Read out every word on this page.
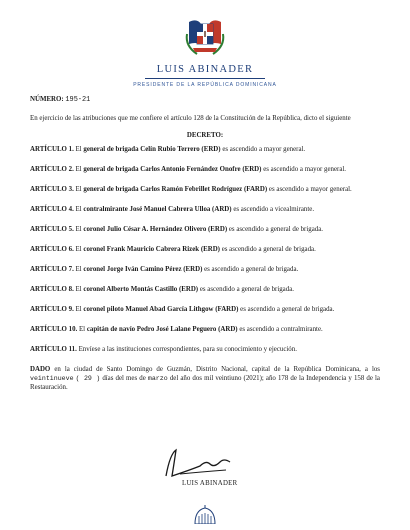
LUIS ABINADER
PRESIDENTE DE LA REPÚBLICA DOMINICANA
NÚMERO: 195-21
En ejercicio de las atribuciones que me confiere el artículo 128 de la Constitución de la República, dicto el siguiente
DECRETO:
ARTÍCULO 1. El general de brigada Celín Rubio Terrero (ERD) es ascendido a mayor general.
ARTÍCULO 2. El general de brigada Carlos Antonio Fernández Onofre (ERD) es ascendido a mayor general.
ARTÍCULO 3. El general de brigada Carlos Ramón Febrillet Rodríguez (FARD) es ascendido a mayor general.
ARTÍCULO 4. El contralmirante José Manuel Cabrera Ulloa (ARD) es ascendido a vicealmirante.
ARTÍCULO 5. El coronel Julio César A. Hernández Olivero (ERD) es ascendido a general de brigada.
ARTÍCULO 6. El coronel Frank Mauricio Cabrera Rizek (ERD) es ascendido a general de brigada.
ARTÍCULO 7. El coronel Jorge Iván Camino Pérez (ERD) es ascendido a general de brigada.
ARTÍCULO 8. El coronel Alberto Montás Castillo (ERD) es ascendido a general de brigada.
ARTÍCULO 9. El coronel piloto Manuel Abad García Lithgow (FARD) es ascendido a general de brigada.
ARTÍCULO 10. El capitán de navío Pedro José Lalane Peguero (ARD) es ascendido a contralmirante.
ARTÍCULO 11. Envíese a las instituciones correspondientes, para su conocimiento y ejecución.
DADO en la ciudad de Santo Domingo de Guzmán, Distrito Nacional, capital de la República Dominicana, a los veintinueve ( 29 ) días del mes de marzo del año dos mil veintiuno (2021); año 178 de la Independencia y 158 de la Restauración.
LUIS ABINADER
